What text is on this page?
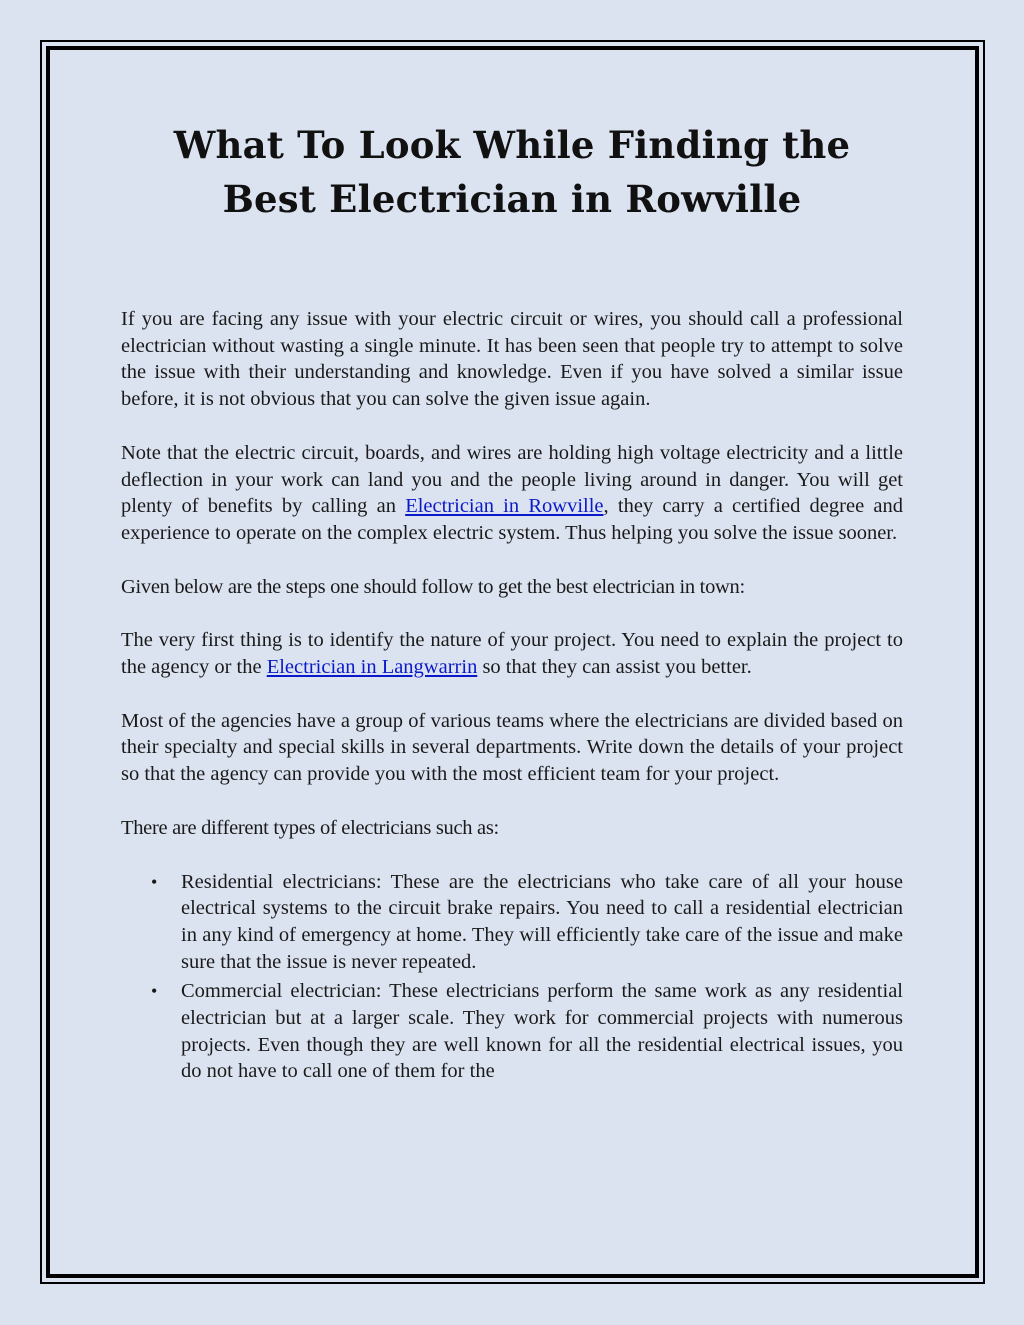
What To Look While Finding the
Best Electrician in Rowville

If you are facing any issue with your electric circuit or wires, you should call a professional electrician without wasting a single minute. It has been seen that people try to attempt to solve the issue with their understanding and knowledge. Even if you have solved a similar issue before, it is not obvious that you can solve the given issue again.

Note that the electric circuit, boards, and wires are holding high voltage electricity and a little deflection in your work can land you and the people living around in danger. You will get plenty of benefits by calling an Electrician in Rowville, they carry a certified degree and experience to operate on the complex electric system. Thus helping you solve the issue sooner.

Given below are the steps one should follow to get the best electrician in town:

The very first thing is to identify the nature of your project. You need to explain the project to the agency or the Electrician in Langwarrin so that they can assist you better.

Most of the agencies have a group of various teams where the electricians are divided based on their specialty and special skills in several departments. Write down the details of your project so that the agency can provide you with the most efficient team for your project.

There are different types of electricians such as:

• Residential electricians: These are the electricians who take care of all your house electrical systems to the circuit brake repairs. You need to call a residential electrician in any kind of emergency at home. They will efficiently take care of the issue and make sure that the issue is never repeated.
• Commercial electrician: These electricians perform the same work as any residential electrician but at a larger scale. They work for commercial projects with numerous projects. Even though they are well known for all the residential electrical issues, you do not have to call one of them for the
